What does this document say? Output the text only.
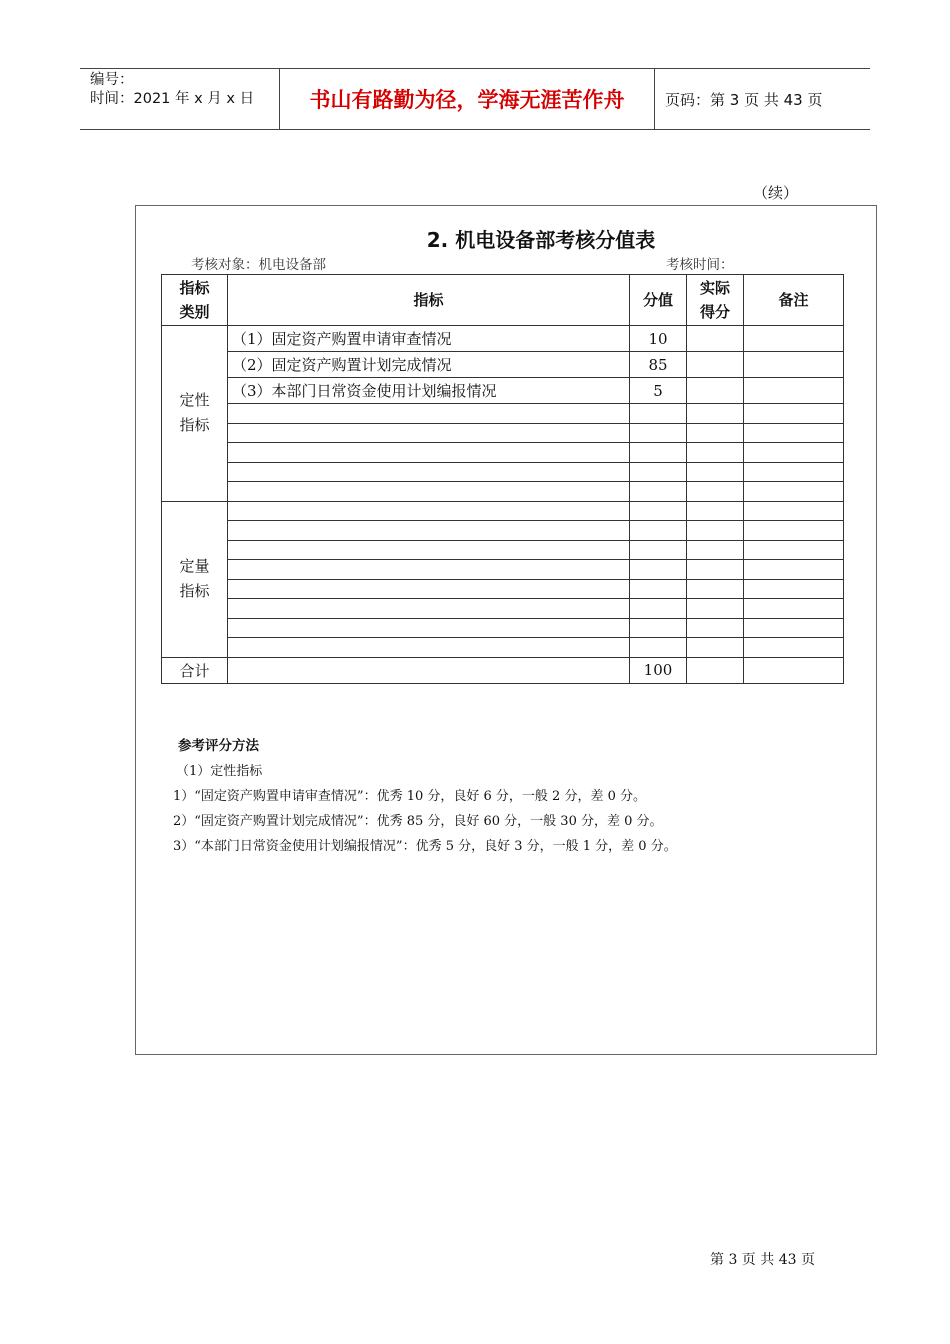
编号：
时间：2021 年 x 月 x 日	书山有路勤为径，学海无涯苦作舟	页码：第 3 页 共 43 页
（续）
2. 机电设备部考核分值表
考核对象：机电设备部	考核时间：
指标类别	指标	分值	实际得分	备注

定性指标	（1）固定资产购置申请审查情况	10		
	（2）固定资产购置计划完成情况	85		
	（3）本部门日常资金使用计划编报情况	5		

定量指标				

合计		100		
参考评分方法
（1）定性指标
1）“固定资产购置申请审查情况”：优秀 10 分，良好 6 分，一般 2 分，差 0 分。
2）“固定资产购置计划完成情况”：优秀 85 分，良好 60 分，一般 30 分，差 0 分。
3）“本部门日常资金使用计划编报情况”：优秀 5 分，良好 3 分，一般 1 分，差 0 分。
第 3 页 共 43 页
